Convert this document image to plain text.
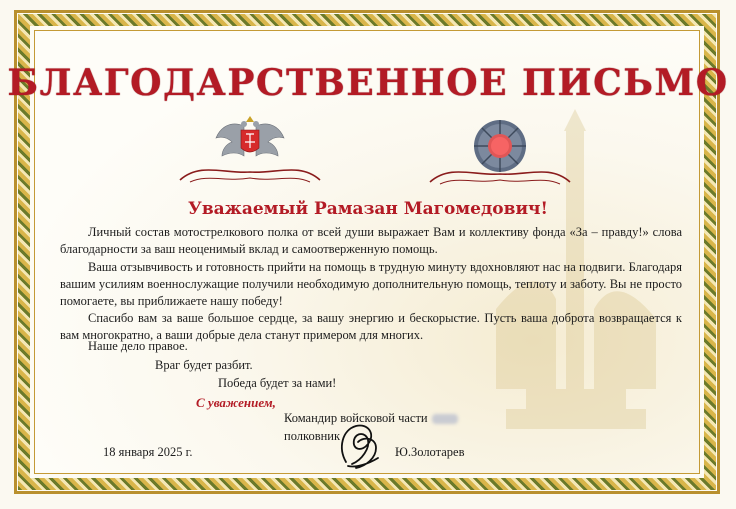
БЛАГОДАРСТВЕННОЕ ПИСЬМО
Уважаемый Рамазан Магомедович!

Личный состав мотострелкового полка от всей души выражает Вам и коллективу фонда «За – правду!» слова благодарности за ваш неоценимый вклад и самоотверженную помощь.

Ваша отзывчивость и готовность прийти на помощь в трудную минуту вдохновляют нас на подвиги. Благодаря вашим усилиям военнослужащие получили необходимую дополнительную помощь, теплоту и заботу. Вы не просто помогаете, вы приближаете нашу победу!

Спасибо вам за ваше большое сердце, за вашу энергию и бескорыстие. Пусть ваша доброта возвращается к вам многократно, а ваши добрые дела станут примером для многих.

Наше дело правое.
Враг будет разбит.
Победа будет за нами!
С уважением,
Командир войсковой части
полковник
18 января 2025 г.	Ю.Золотарев
